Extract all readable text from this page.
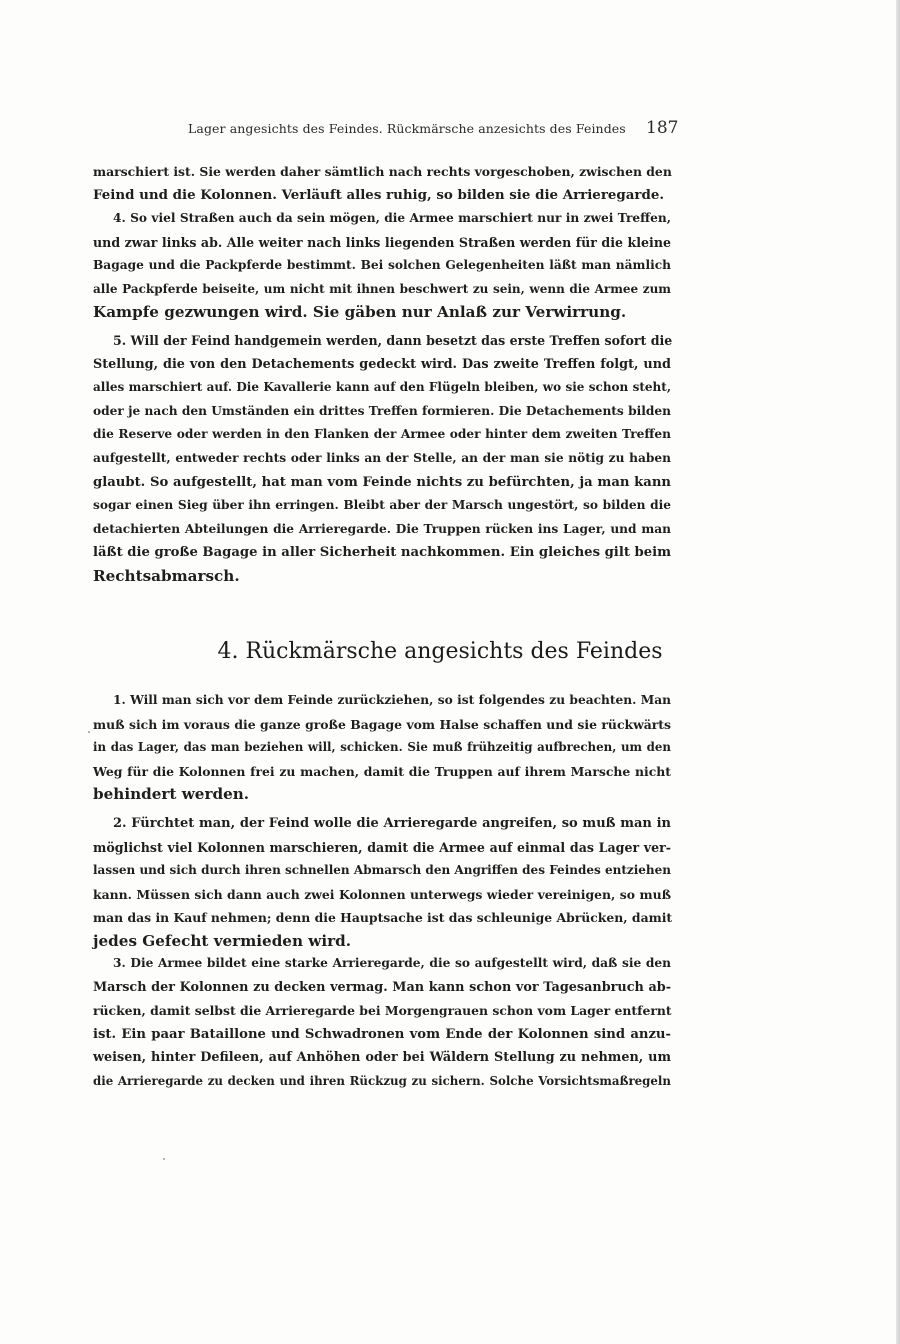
Lager angesichts des Feindes. Rückmärsche anzesichts des Feindes 187
marschiert ist. Sie werden daher sämtlich nach rechts vorgeschoben, zwischen den
Feind und die Kolonnen. Verläuft alles ruhig, so bilden sie die Arrieregarde.
4. So viel Straßen auch da sein mögen, die Armee marschiert nur in zwei Treffen,
und zwar links ab. Alle weiter nach links liegenden Straßen werden für die kleine
Bagage und die Packpferde bestimmt. Bei solchen Gelegenheiten läßt man nämlich
alle Packpferde beiseite, um nicht mit ihnen beschwert zu sein, wenn die Armee zum
Kampfe gezwungen wird. Sie gäben nur Anlaß zur Verwirrung.
5. Will der Feind handgemein werden, dann besetzt das erste Treffen sofort die
Stellung, die von den Detachements gedeckt wird. Das zweite Treffen folgt, und
alles marschiert auf. Die Kavallerie kann auf den Flügeln bleiben, wo sie schon steht,
oder je nach den Umständen ein drittes Treffen formieren. Die Detachements bilden
die Reserve oder werden in den Flanken der Armee oder hinter dem zweiten Treffen
aufgestellt, entweder rechts oder links an der Stelle, an der man sie nötig zu haben
glaubt. So aufgestellt, hat man vom Feinde nichts zu befürchten, ja man kann
sogar einen Sieg über ihn erringen. Bleibt aber der Marsch ungestört, so bilden die
detachierten Abteilungen die Arrieregarde. Die Truppen rücken ins Lager, und man
läßt die große Bagage in aller Sicherheit nachkommen. Ein gleiches gilt beim
Rechtsabmarsch.
4. Rückmärsche angesichts des Feindes
1. Will man sich vor dem Feinde zurückziehen, so ist folgendes zu beachten. Man
muß sich im voraus die ganze große Bagage vom Halse schaffen und sie rückwärts
in das Lager, das man beziehen will, schicken. Sie muß frühzeitig aufbrechen, um den
Weg für die Kolonnen frei zu machen, damit die Truppen auf ihrem Marsche nicht
behindert werden.
2. Fürchtet man, der Feind wolle die Arrieregarde angreifen, so muß man in
möglichst viel Kolonnen marschieren, damit die Armee auf einmal das Lager ver-
lassen und sich durch ihren schnellen Abmarsch den Angriffen des Feindes entziehen
kann. Müssen sich dann auch zwei Kolonnen unterwegs wieder vereinigen, so muß
man das in Kauf nehmen; denn die Hauptsache ist das schleunige Abrücken, damit
jedes Gefecht vermieden wird.
3. Die Armee bildet eine starke Arrieregarde, die so aufgestellt wird, daß sie den
Marsch der Kolonnen zu decken vermag. Man kann schon vor Tagesanbruch ab-
rücken, damit selbst die Arrieregarde bei Morgengrauen schon vom Lager entfernt
ist. Ein paar Bataillone und Schwadronen vom Ende der Kolonnen sind anzu-
weisen, hinter Defileen, auf Anhöhen oder bei Wäldern Stellung zu nehmen, um
die Arrieregarde zu decken und ihren Rückzug zu sichern. Solche Vorsichtsmaßregeln
